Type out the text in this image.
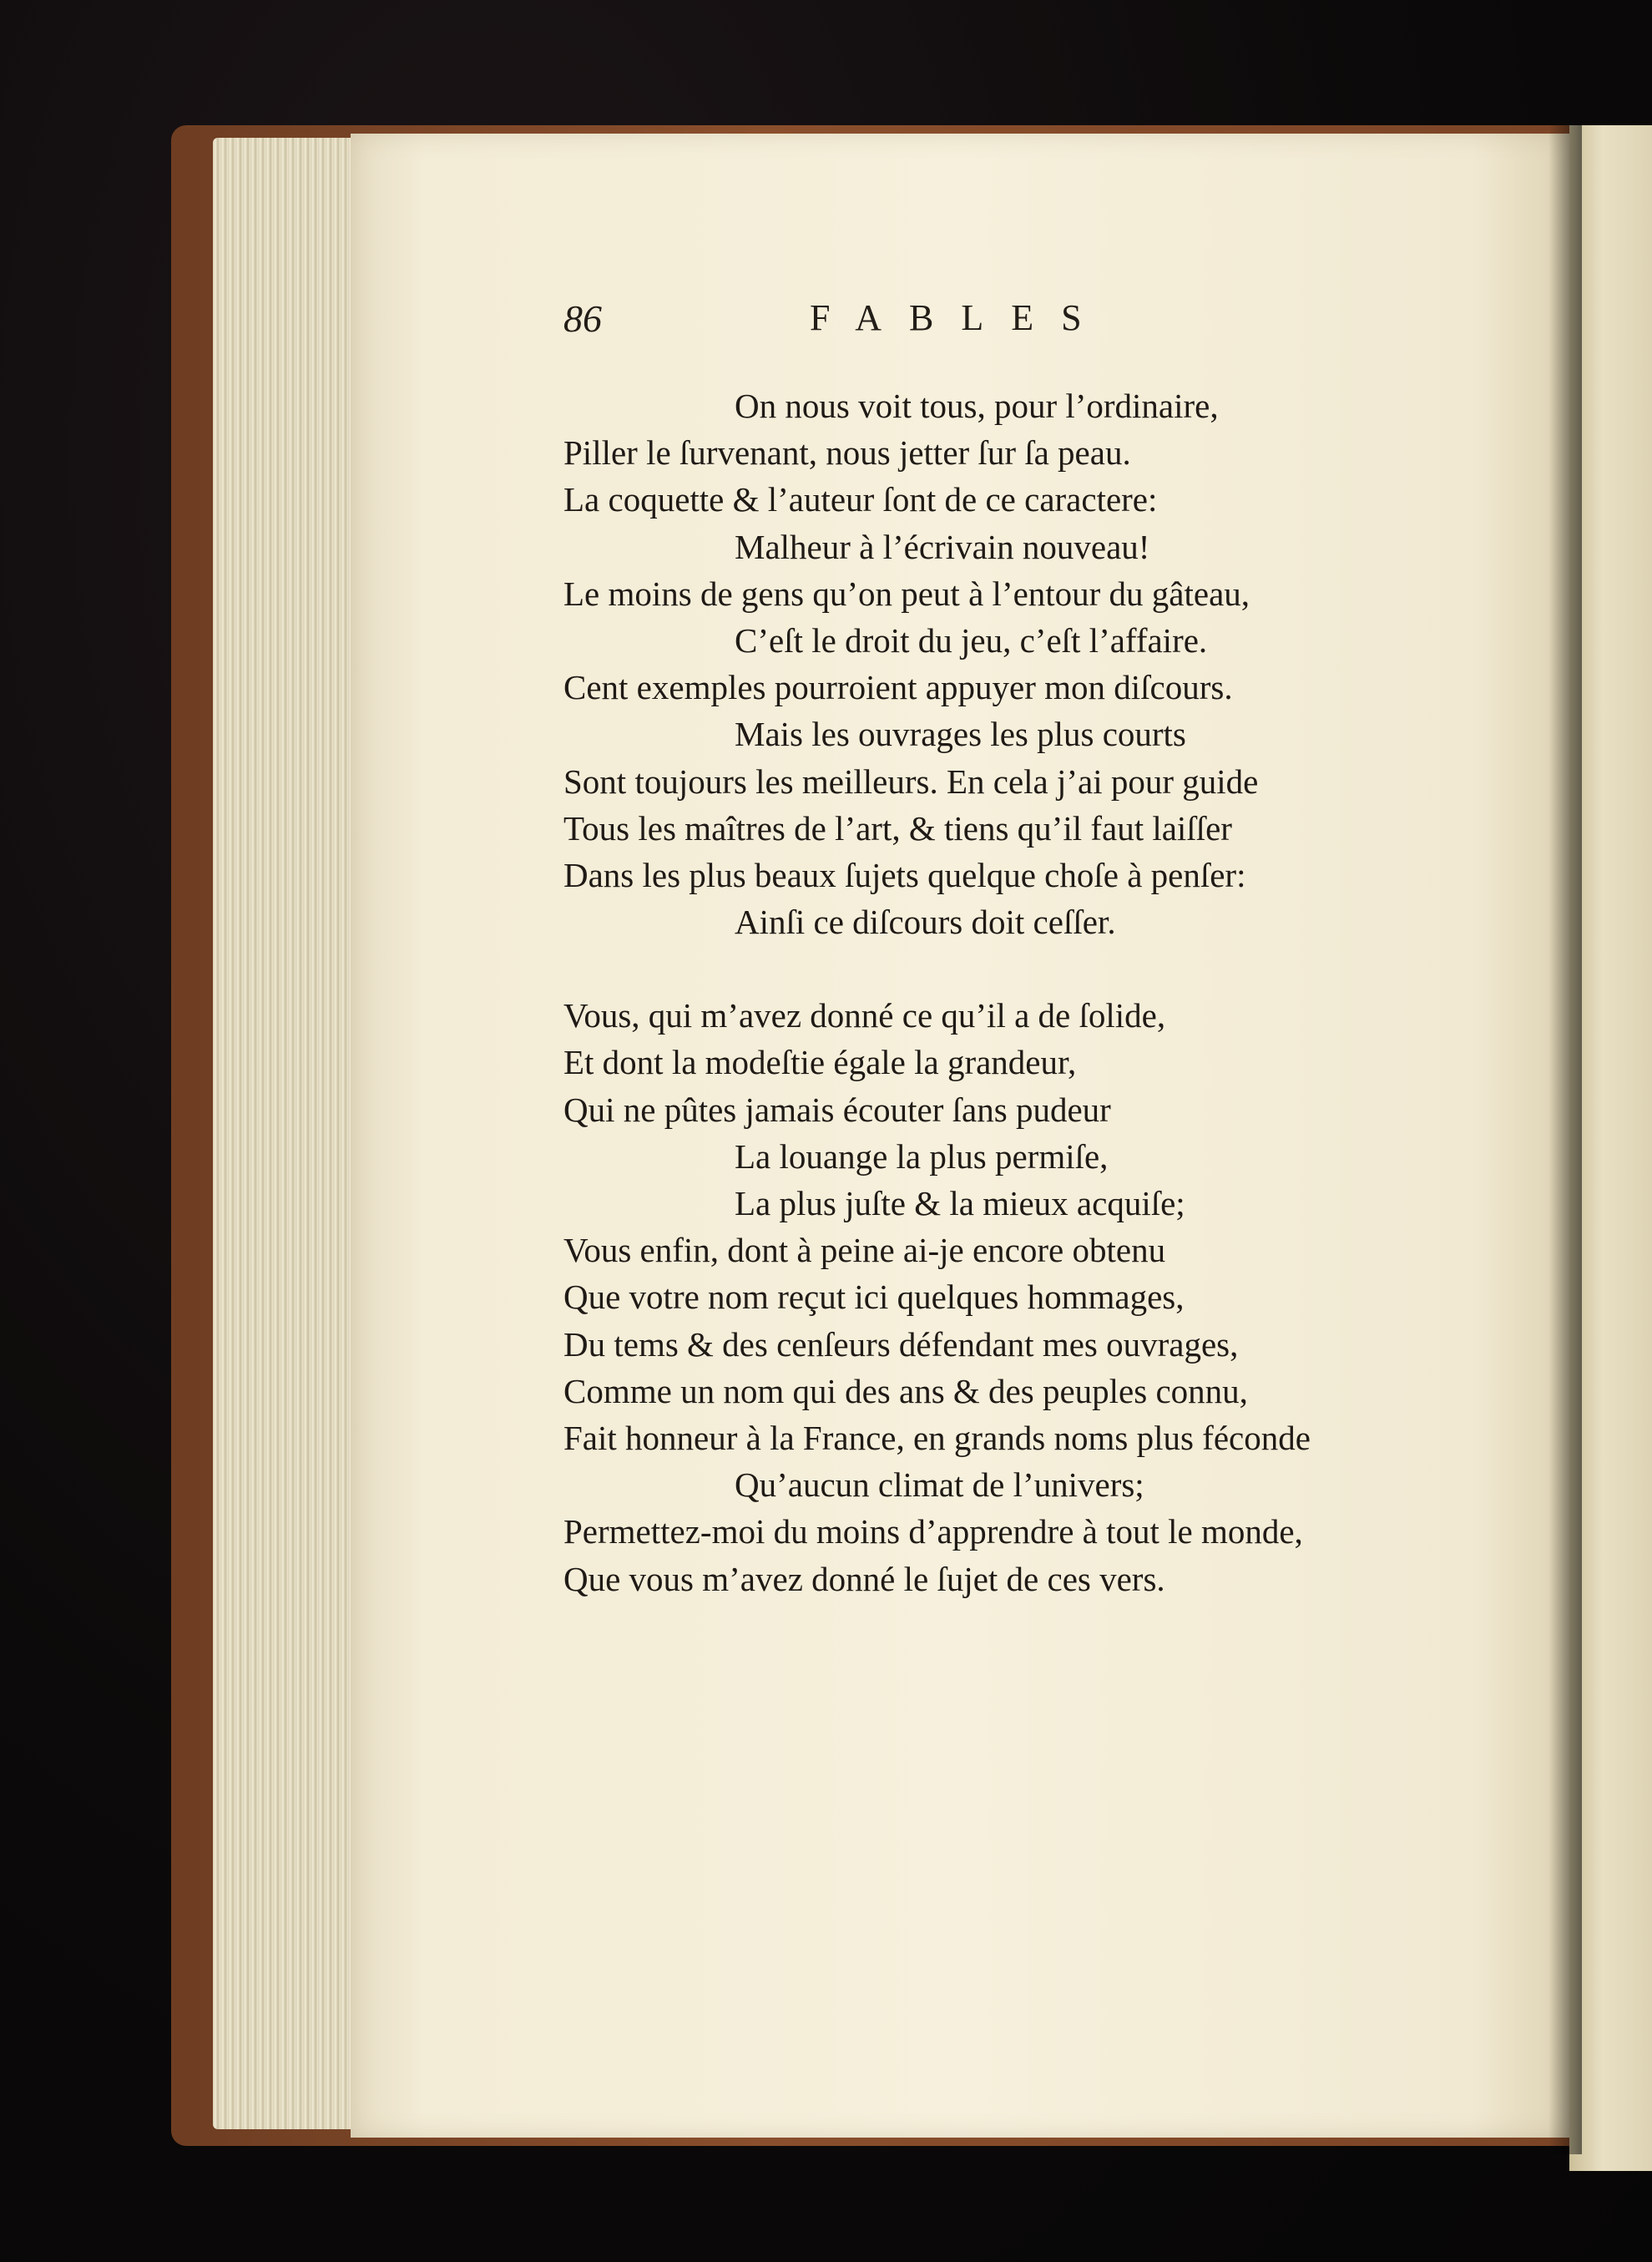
86	FABLES
On nous voit tous, pour l’ordinaire,
Piller le ſurvenant, nous jetter ſur ſa peau.
La coquette & l’auteur ſont de ce caractere:
Malheur à l’écrivain nouveau!
Le moins de gens qu’on peut à l’entour du gâteau,
C’eſt le droit du jeu, c’eſt l’affaire.
Cent exemples pourroient appuyer mon diſcours.
Mais les ouvrages les plus courts
Sont toujours les meilleurs. En cela j’ai pour guide
Tous les maîtres de l’art, & tiens qu’il faut laiſſer
Dans les plus beaux ſujets quelque choſe à penſer:
Ainſi ce diſcours doit ceſſer.
Vous, qui m’avez donné ce qu’il a de ſolide,
Et dont la modeſtie égale la grandeur,
Qui ne pûtes jamais écouter ſans pudeur
La louange la plus permiſe,
La plus juſte & la mieux acquiſe;
Vous enfin, dont à peine ai-je encore obtenu
Que votre nom reçut ici quelques hommages,
Du tems & des cenſeurs défendant mes ouvrages,
Comme un nom qui des ans & des peuples connu,
Fait honneur à la France, en grands noms plus féconde
Qu’aucun climat de l’univers;
Permettez-moi du moins d’apprendre à tout le monde,
Que vous m’avez donné le ſujet de ces vers.
